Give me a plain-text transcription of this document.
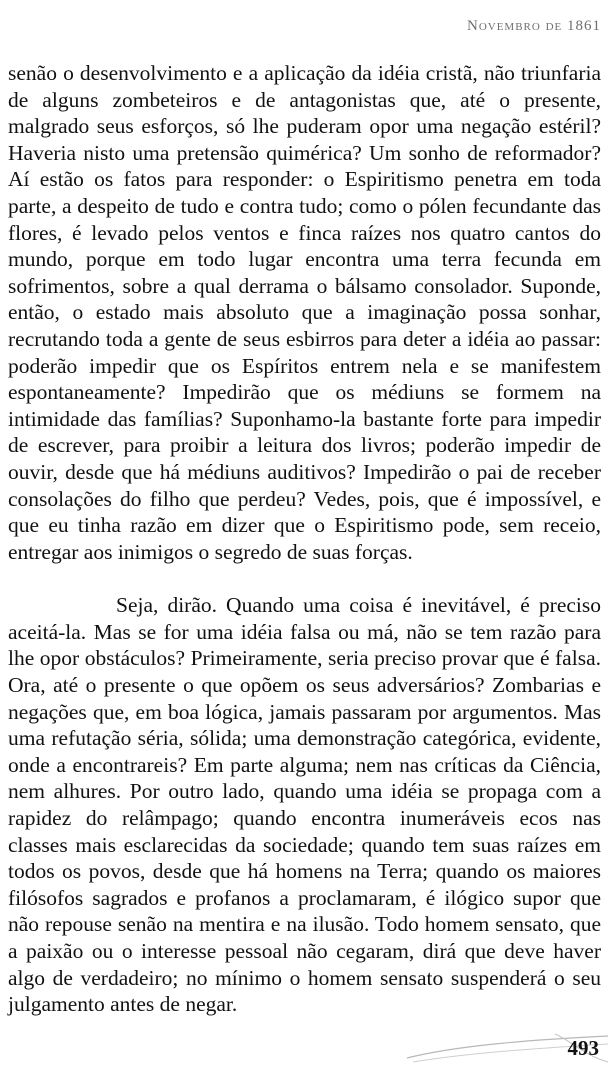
Novembro de 1861

senão o desenvolvimento e a aplicação da idéia cristã, não triunfaria de alguns zombeteiros e de antagonistas que, até o presente, malgrado seus esforços, só lhe puderam opor uma negação estéril? Haveria nisto uma pretensão quimérica? Um sonho de reformador? Aí estão os fatos para responder: o Espiritismo penetra em toda parte, a despeito de tudo e contra tudo; como o pólen fecundante das flores, é levado pelos ventos e finca raízes nos quatro cantos do mundo, porque em todo lugar encontra uma terra fecunda em sofrimentos, sobre a qual derrama o bálsamo consolador. Suponde, então, o estado mais absoluto que a imaginação possa sonhar, recrutando toda a gente de seus esbirros para deter a idéia ao passar: poderão impedir que os Espíritos entrem nela e se manifestem espontaneamente? Impedirão que os médiuns se formem na intimidade das famílias? Suponhamo-la bastante forte para impedir de escrever, para proibir a leitura dos livros; poderão impedir de ouvir, desde que há médiuns auditivos? Impedirão o pai de receber consolações do filho que perdeu? Vedes, pois, que é impossível, e que eu tinha razão em dizer que o Espiritismo pode, sem receio, entregar aos inimigos o segredo de suas forças.

Seja, dirão. Quando uma coisa é inevitável, é preciso aceitá-la. Mas se for uma idéia falsa ou má, não se tem razão para lhe opor obstáculos? Primeiramente, seria preciso provar que é falsa. Ora, até o presente o que opõem os seus adversários? Zombarias e negações que, em boa lógica, jamais passaram por argumentos. Mas uma refutação séria, sólida; uma demonstração categórica, evidente, onde a encontrareis? Em parte alguma; nem nas críticas da Ciência, nem alhures. Por outro lado, quando uma idéia se propaga com a rapidez do relâmpago; quando encontra inumeráveis ecos nas classes mais esclarecidas da sociedade; quando tem suas raízes em todos os povos, desde que há homens na Terra; quando os maiores filósofos sagrados e profanos a proclamaram, é ilógico supor que não repouse senão na mentira e na ilusão. Todo homem sensato, que a paixão ou o interesse pessoal não cegaram, dirá que deve haver algo de verdadeiro; no mínimo o homem sensato suspenderá o seu julgamento antes de negar.

493
